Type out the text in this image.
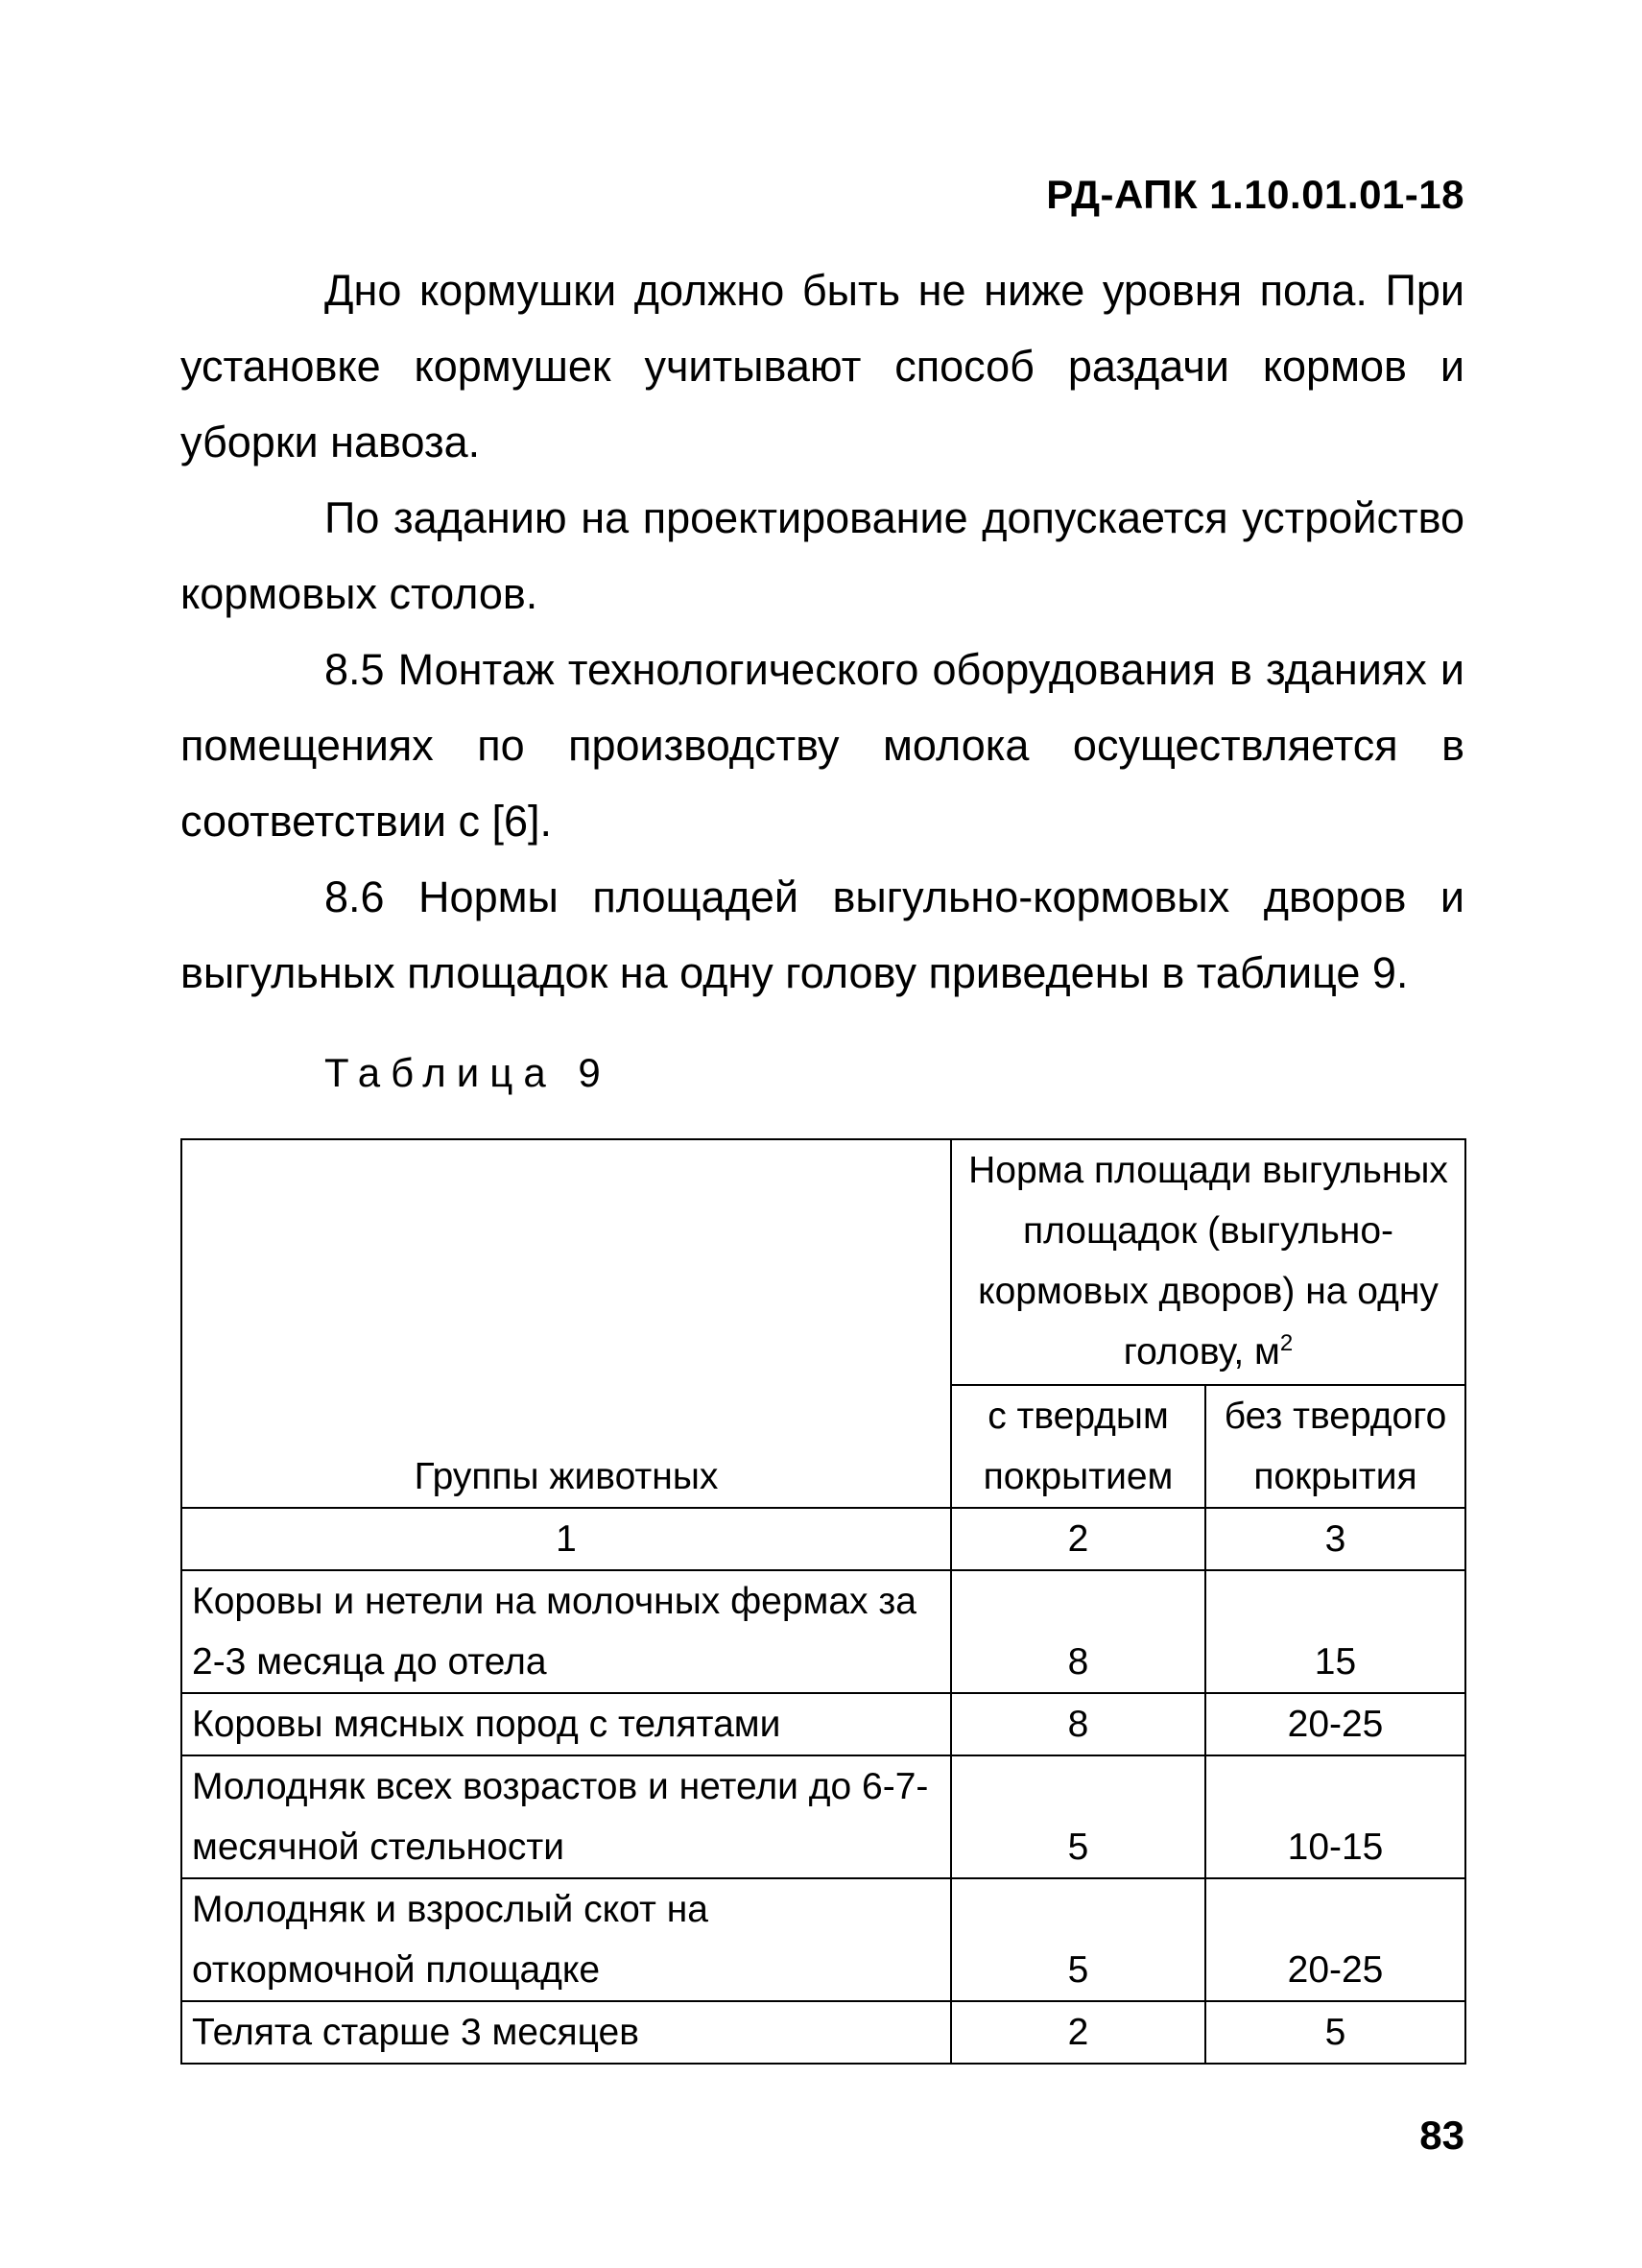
РД-АПК 1.10.01.01-18

Дно кормушки должно быть не ниже уровня пола. При установке кормушек учитывают способ раздачи кормов и уборки навоза.

По заданию на проектирование допускается устройство кормовых столов.

8.5 Монтаж технологического оборудования в зданиях и помещениях по производству молока осуществляется в соответствии с [6].

8.6 Нормы площадей выгульно-кормовых дворов и выгульных площадок на одну голову приведены в таблице 9.

Таблица 9
Группы животных	Норма площади выгульных площадок (выгульно-кормовых дворов) на одну голову, $м^2$
	с твердым покрытием	без твердого покрытия
1	2	3
Коровы и нетели на молочных фермах за 2-3 месяца до отела	8	15
Коровы мясных пород с телятами	8	20-25
Молодняк всех возрастов и нетели до 6-7-месячной стельности	5	10-15
Молодняк и взрослый скот на откормочной площадке	5	20-25
Телята старше 3 месяцев	2	5
83
